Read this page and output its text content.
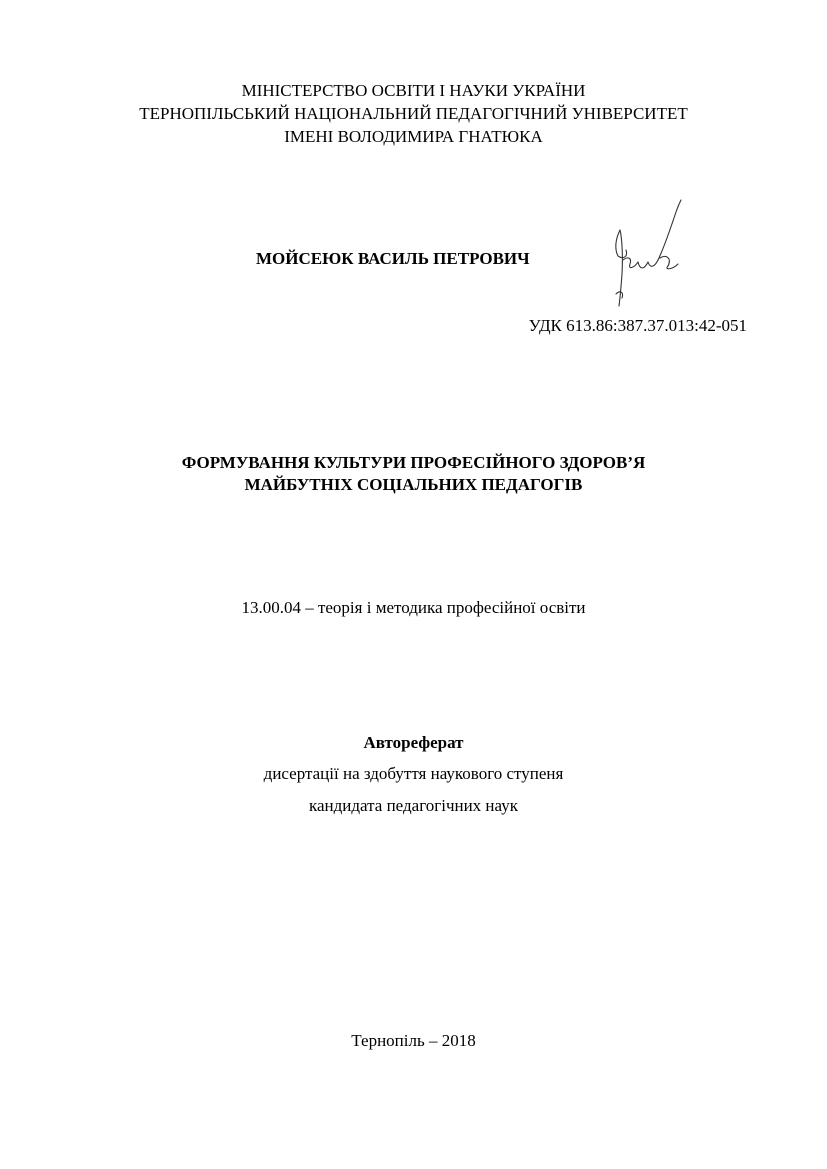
МІНІСТЕРСТВО ОСВІТИ І НАУКИ УКРАЇНИ
ТЕРНОПІЛЬСЬКИЙ НАЦІОНАЛЬНИЙ ПЕДАГОГІЧНИЙ УНІВЕРСИТЕТ
ІМЕНІ ВОЛОДИМИРА ГНАТЮКА
МОЙСЕЮК ВАСИЛЬ ПЕТРОВИЧ
УДК 613.86:387.37.013:42-051
ФОРМУВАННЯ КУЛЬТУРИ ПРОФЕСІЙНОГО ЗДОРОВ’Я
МАЙБУТНІХ СОЦІАЛЬНИХ ПЕДАГОГІВ
13.00.04 – теорія і методика професійної освіти
Автореферат
дисертації на здобуття наукового ступеня
кандидата педагогічних наук
Тернопіль – 2018
